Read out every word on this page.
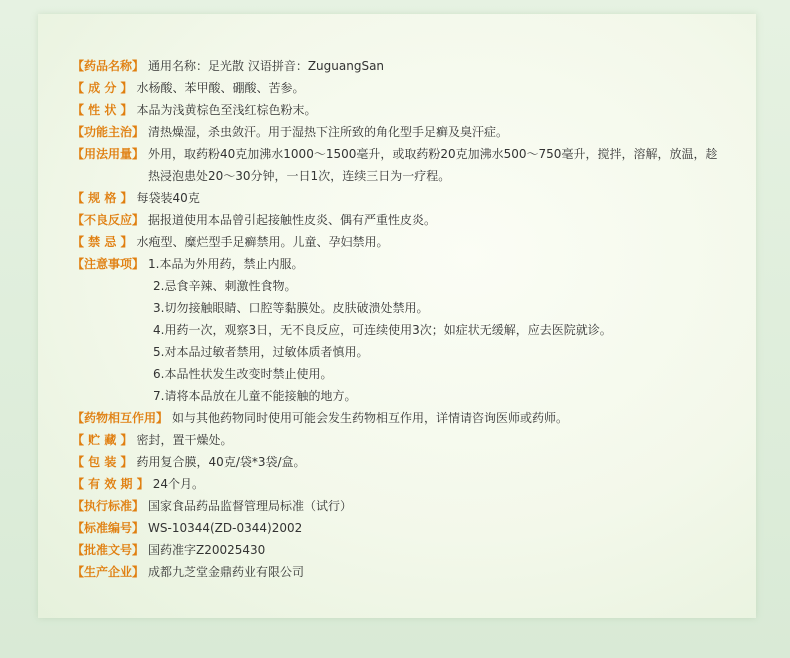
【药品名称】 通用名称：足光散 汉语拼音：ZuguangSan
【 成 分 】 水杨酸、苯甲酸、硼酸、苦参。
【 性 状 】 本品为浅黄棕色至浅红棕色粉末。
【功能主治】 清热燥湿，杀虫敛汗。用于湿热下注所致的角化型手足癣及臭汗症。
【用法用量】 外用，取药粉40克加沸水1000～1500毫升，或取药粉20克加沸水500～750毫升，搅拌，溶解，放温，趁热浸泡患处20～30分钟，一日1次，连续三日为一疗程。
【 规 格 】 每袋装40克
【不良反应】 据报道使用本品曾引起接触性皮炎、偶有严重性皮炎。
【 禁 忌 】 水疱型、糜烂型手足癣禁用。儿童、孕妇禁用。
【注意事项】 1.本品为外用药，禁止内服。
2.忌食辛辣、刺激性食物。
3.切勿接触眼睛、口腔等黏膜处。皮肤破溃处禁用。
4.用药一次，观察3日，无不良反应，可连续使用3次；如症状无缓解，应去医院就诊。
5.对本品过敏者禁用，过敏体质者慎用。
6.本品性状发生改变时禁止使用。
7.请将本品放在儿童不能接触的地方。
【药物相互作用】 如与其他药物同时使用可能会发生药物相互作用，详情请咨询医师或药师。
【 贮 藏 】 密封，置干燥处。
【 包 装 】 药用复合膜，40克/袋*3袋/盒。
【 有 效 期 】 24个月。
【执行标准】 国家食品药品监督管理局标准（试行）
【标准编号】 WS-10344(ZD-0344)2002
【批准文号】 国药准字Z20025430
【生产企业】 成都九芝堂金鼎药业有限公司
